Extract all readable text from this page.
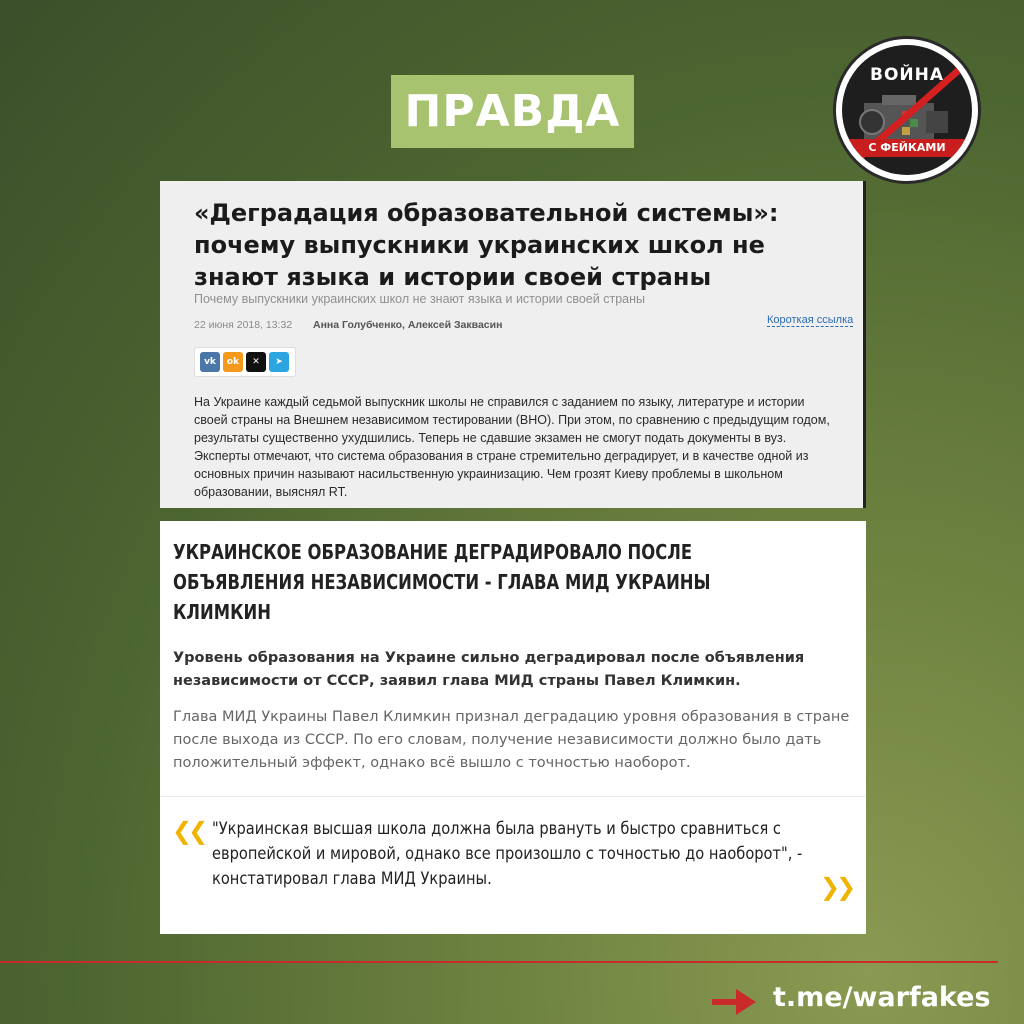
ПРАВДА
ВОЙНА
С ФЕЙКАМИ
«Деградация образовательной системы»: почему выпускники украинских школ не знают языка и истории своей страны
Почему выпускники украинских школ не знают языка и истории своей страны
22 июня 2018, 13:32 Анна Голубченко, Алексей Заквасин	Короткая ссылка
vk	ok	✕	➤
На Украине каждый седьмой выпускник школы не справился с заданием по языку, литературе и истории своей страны на Внешнем независимом тестировании (ВНО). При этом, по сравнению с предыдущим годом, результаты существенно ухудшились. Теперь не сдавшие экзамен не смогут подать документы в вуз. Эксперты отмечают, что система образования в стране стремительно деградирует, и в качестве одной из основных причин называют насильственную украинизацию. Чем грозят Киеву проблемы в школьном образовании, выяснял RT.
УКРАИНСКОЕ ОБРАЗОВАНИЕ ДЕГРАДИРОВАЛО ПОСЛЕ ОБЪЯВЛЕНИЯ НЕЗАВИСИМОСТИ - ГЛАВА МИД УКРАИНЫ КЛИМКИН
Уровень образования на Украине сильно деградировал после объявления независимости от СССР, заявил глава МИД страны Павел Климкин.
Глава МИД Украины Павел Климкин признал деградацию уровня образования в стране после выхода из СССР. По его словам, получение независимости должно было дать положительный эффект, однако всё вышло с точностью наоборот.
❮❮ "Украинская высшая школа должна была рвануть и быстро сравниться с европейской и мировой, однако все произошло с точностью до наоборот", - констатировал глава МИД Украины.	❯❯
t.me/warfakes
